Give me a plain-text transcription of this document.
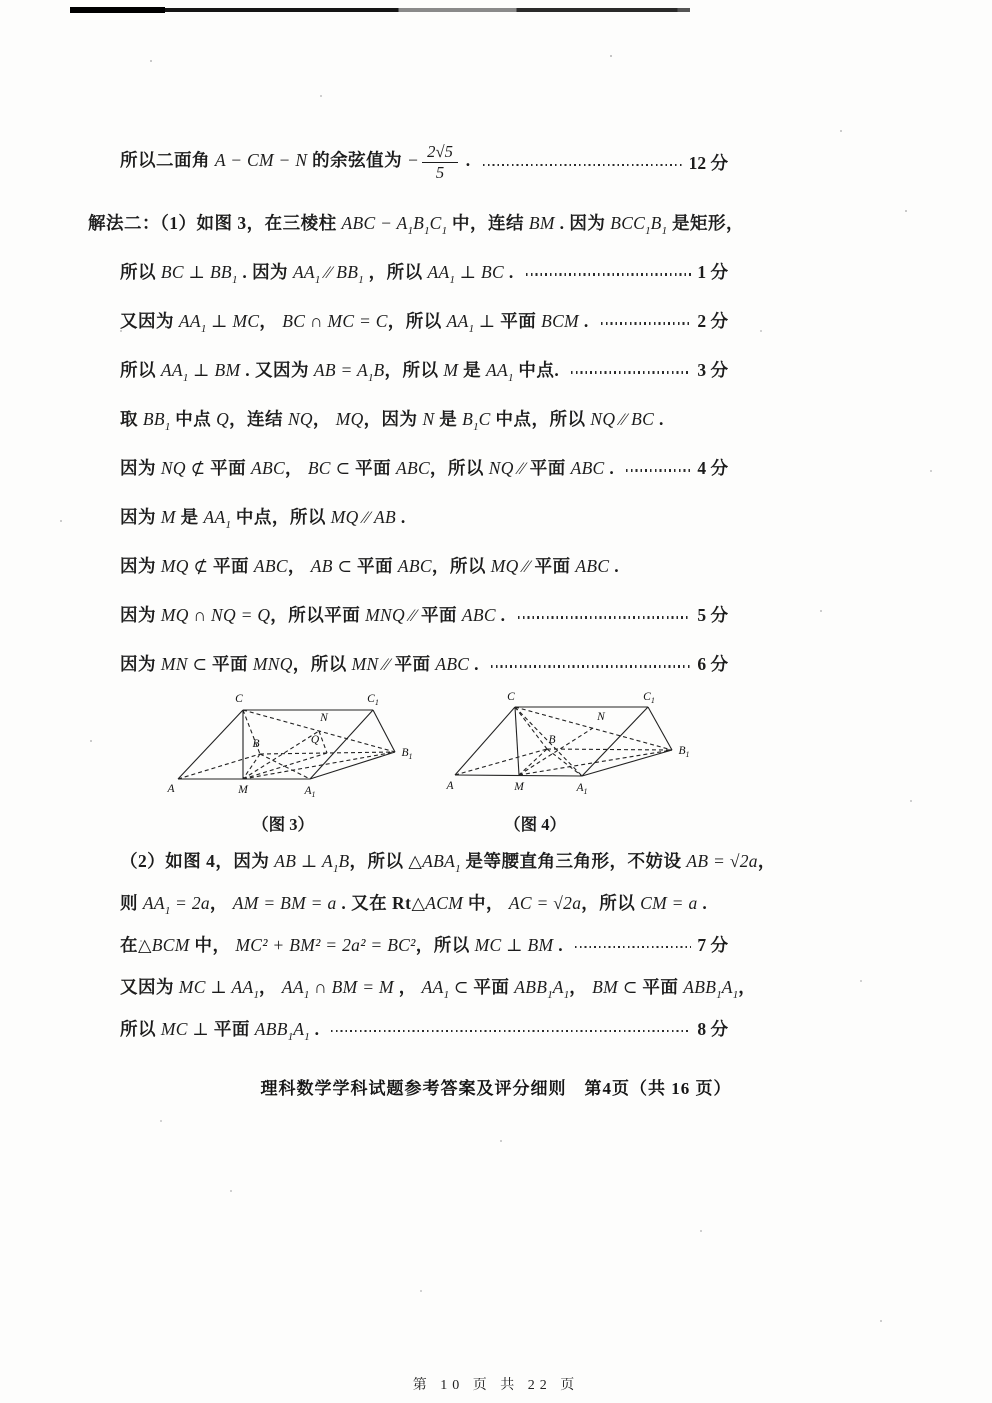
所以二面角 A − CM − N 的余弦值为 − $\frac{2√5}{5}$ .	12 分
解法二：（1）如图 3，在三棱柱 ABC − $A_1B_1C_1$ 中，连结 BM . 因为 $BCC_1B_1$ 是矩形，
所以 BC ⊥ $BB_1$ . 因为 $AA_1$ ∕∕ $BB_1$ ，所以 $AA_1$ ⊥ BC .	1 分
又因为 $AA_1$ ⊥ MC， BC ∩ MC = C，所以 $AA_1$ ⊥ 平面 BCM .	2 分
所以 $AA_1$ ⊥ BM . 又因为 AB = $A_1B$，所以 M 是 $AA_1$ 中点.	3 分
取 $BB_1$ 中点 Q，连结 NQ， MQ，因为 N 是 $B_1C$ 中点，所以 NQ ∕∕ BC .
因为 NQ ⊄ 平面 ABC， BC ⊂ 平面 ABC，所以 NQ ∕∕ 平面 ABC .	4 分
因为 M 是 $AA_1$ 中点，所以 MQ ∕∕ AB .
因为 MQ ⊄ 平面 ABC， AB ⊂ 平面 ABC，所以 MQ ∕∕ 平面 ABC .
因为 MQ ∩ NQ = Q，所以平面 MNQ ∕∕ 平面 ABC .	5 分
因为 MN ⊂ 平面 MNQ，所以 MN ∕∕ 平面 ABC .	6 分
A	M	$A_1$
C	$C_1$
$B_1$
B
N
Q
（图 3）
A	M	$A_1$
C	$C_1$
$B_1$
B
N
（图 4）
（2）如图 4，因为 AB ⊥ $A_1B$，所以 $\triangle ABA_1$ 是等腰直角三角形，不妨设 AB = √2a，
则 $AA_1 = 2a$， AM = BM = a . 又在 Rt△ACM 中， AC = √2a，所以 CM = a .
在△BCM 中， MC² + BM² = 2a² = BC²，所以 MC ⊥ BM .	7 分
又因为 MC ⊥ $AA_1$， $AA_1$ ∩ BM = M ， $AA_1$ ⊂ 平面 $ABB_1A_1$， BM ⊂ 平面 $ABB_1A_1$，
所以 MC ⊥ 平面 $ABB_1A_1$ .	8 分
理科数学学科试题参考答案及评分细则　第4页（共 16 页）
第 10 页 共 22 页
